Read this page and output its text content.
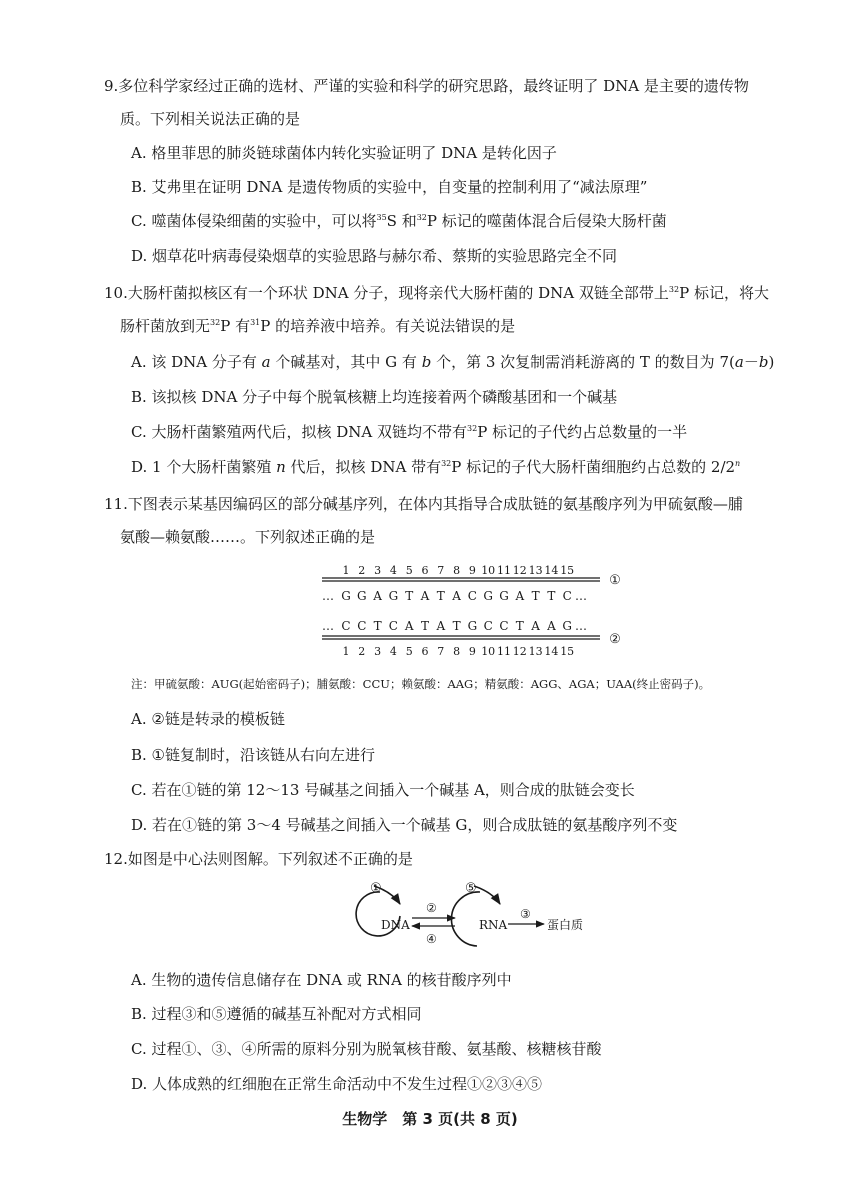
9.多位科学家经过正确的选材、严谨的实验和科学的研究思路，最终证明了 DNA 是主要的遗传物
质。下列相关说法正确的是
A. 格里菲思的肺炎链球菌体内转化实验证明了 DNA 是转化因子
B. 艾弗里在证明 DNA 是遗传物质的实验中，自变量的控制利用了“减法原理”
C. 噬菌体侵染细菌的实验中，可以将$^{35}$S 和$^{32}$P 标记的噬菌体混合后侵染大肠杆菌
D. 烟草花叶病毒侵染烟草的实验思路与赫尔希、蔡斯的实验思路完全不同
10.大肠杆菌拟核区有一个环状 DNA 分子，现将亲代大肠杆菌的 DNA 双链全部带上$^{32}$P 标记，将大
肠杆菌放到无$^{32}$P 有$^{31}$P 的培养液中培养。有关说法错误的是
A. 该 DNA 分子有 a 个碱基对，其中 G 有 b 个，第 3 次复制需消耗游离的 T 的数目为 7(a－b)
B. 该拟核 DNA 分子中每个脱氧核糖上均连接着两个磷酸基团和一个碱基
C. 大肠杆菌繁殖两代后，拟核 DNA 双链均不带有$^{32}$P 标记的子代约占总数量的一半
D. 1 个大肠杆菌繁殖 n 代后，拟核 DNA 带有$^{32}$P 标记的子代大肠杆菌细胞约占总数的 2/2$^n$
11.下图表示某基因编码区的部分碱基序列，在体内其指导合成肽链的氨基酸序列为甲硫氨酸—脯
氨酸—赖氨酸……。下列叙述正确的是
1 2 3 4 5 6 7 8 9 10 11 12 13 14 15
①
… G G A G T A T A C G G A T T C …
… C C T C A T A T G C C T A A G …
②
1 2 3 4 5 6 7 8 9 10 11 12 13 14 15
注：甲硫氨酸：AUG(起始密码子)；脯氨酸：CCU；赖氨酸：AAG；精氨酸：AGG、AGA；UAA(终止密码子)。
A. ②链是转录的模板链
B. ①链复制时，沿该链从右向左进行
C. 若在①链的第 12～13 号碱基之间插入一个碱基 A，则合成的肽链会变长
D. 若在①链的第 3～4 号碱基之间插入一个碱基 G，则合成肽链的氨基酸序列不变
12.如图是中心法则图解。下列叙述不正确的是
DNA
①
②
④
RNA
⑤
③
蛋白质
A. 生物的遗传信息储存在 DNA 或 RNA 的核苷酸序列中
B. 过程③和⑤遵循的碱基互补配对方式相同
C. 过程①、③、④所需的原料分别为脱氧核苷酸、氨基酸、核糖核苷酸
D. 人体成熟的红细胞在正常生命活动中不发生过程①②③④⑤
生物学　第 3 页(共 8 页)
